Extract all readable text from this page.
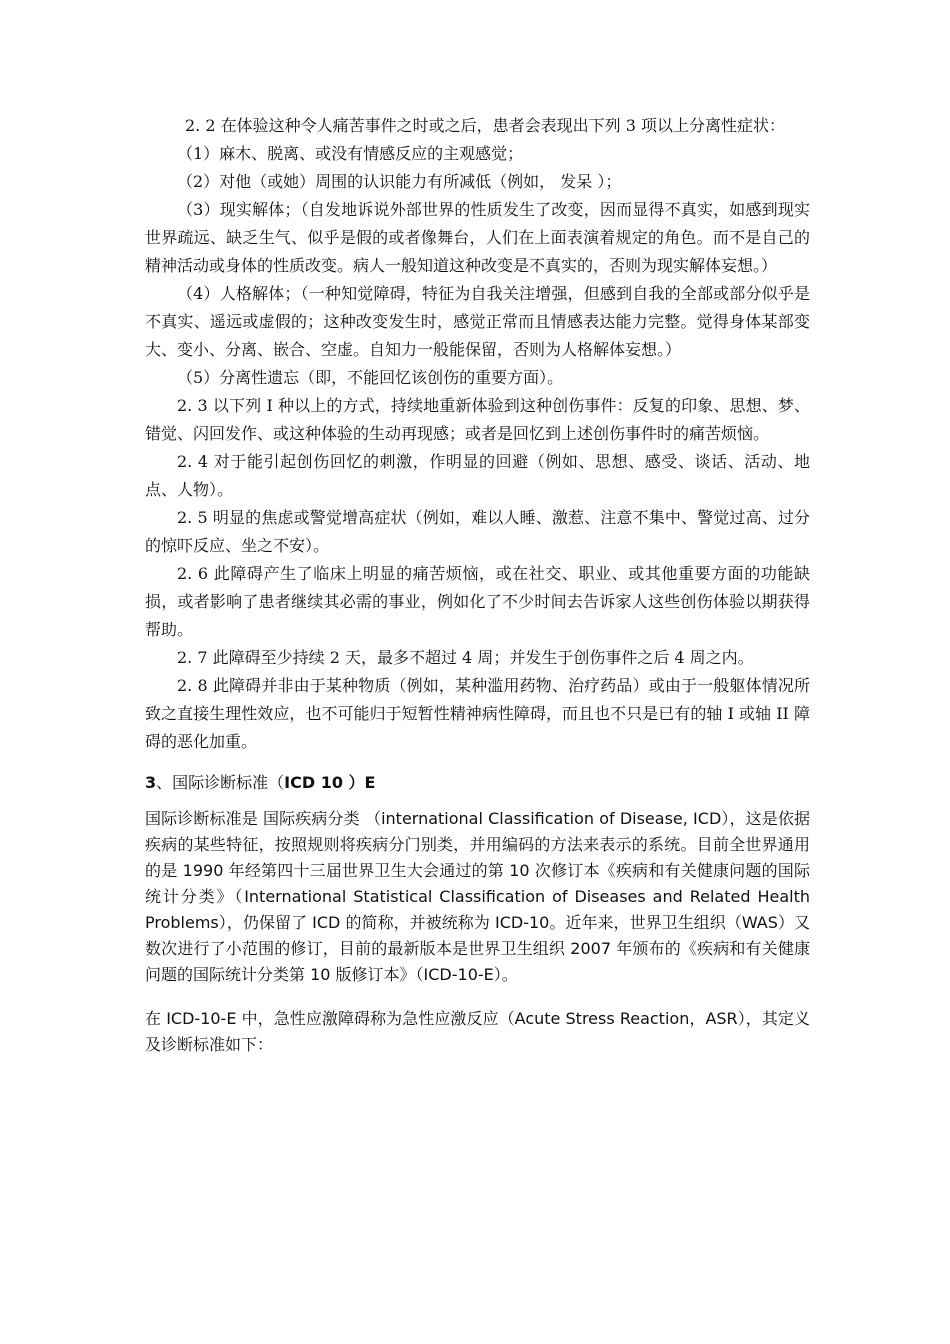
2. 2 在体验这种令人痛苦事件之时或之后，患者会表现出下列 3 项以上分离性症状：

（1）麻木、脱离、或没有情感反应的主观感觉；

（2）对他（或她）周围的认识能力有所减低（例如， 发呆 ）；

（3）现实解体；（自发地诉说外部世界的性质发生了改变，因而显得不真实，如感到现实世界疏远、缺乏生气、似乎是假的或者像舞台，人们在上面表演着规定的角色。而不是自己的精神活动或身体的性质改变。病人一般知道这种改变是不真实的，否则为现实解体妄想。）

（4）人格解体；（一种知觉障碍，特征为自我关注增强，但感到自我的全部或部分似乎是不真实、遥远或虚假的；这种改变发生时，感觉正常而且情感表达能力完整。觉得身体某部变大、变小、分离、嵌合、空虚。自知力一般能保留，否则为人格解体妄想。）

（5）分离性遗忘（即，不能回忆该创伤的重要方面）。

2. 3 以下列 I 种以上的方式，持续地重新体验到这种创伤事件：反复的印象、思想、梦、错觉、闪回发作、或这种体验的生动再现感；或者是回忆到上述创伤事件时的痛苦烦恼。

2. 4 对于能引起创伤回忆的刺激，作明显的回避（例如、思想、感受、谈话、活动、地点、人物）。

2. 5 明显的焦虑或警觉增高症状（例如，难以人睡、激惹、注意不集中、警觉过高、过分的惊吓反应、坐之不安）。

2. 6 此障碍产生了临床上明显的痛苦烦恼，或在社交、职业、或其他重要方面的功能缺损，或者影响了患者继续其必需的事业，例如化了不少时间去告诉家人这些创伤体验以期获得帮助。

2. 7 此障碍至少持续 2 天，最多不超过 4 周；并发生于创伤事件之后 4 周之内。

2. 8 此障碍并非由于某种物质（例如，某种滥用药物、治疗药品）或由于一般躯体情况所致之直接生理性效应，也不可能归于短暂性精神病性障碍，而且也不只是已有的轴 I 或轴 II 障碍的恶化加重。

3、国际诊断标准（ICD 10 ）E

国际诊断标准是 国际疾病分类 （international Classification of Disease, ICD），这是依据疾病的某些特征，按照规则将疾病分门别类，并用编码的方法来表示的系统。目前全世界通用的是 1990 年经第四十三届世界卫生大会通过的第 10 次修订本《疾病和有关健康问题的国际统计分类》（International Statistical Classification of Diseases and Related Health Problems），仍保留了 ICD 的简称，并被统称为 ICD-10。近年来，世界卫生组织（WAS）又数次进行了小范围的修订，目前的最新版本是世界卫生组织 2007 年颁布的《疾病和有关健康问题的国际统计分类第 10 版修订本》（ICD-10-E）。

在 ICD-10-E 中，急性应激障碍称为急性应激反应（Acute Stress Reaction，ASR），其定义及诊断标准如下：
